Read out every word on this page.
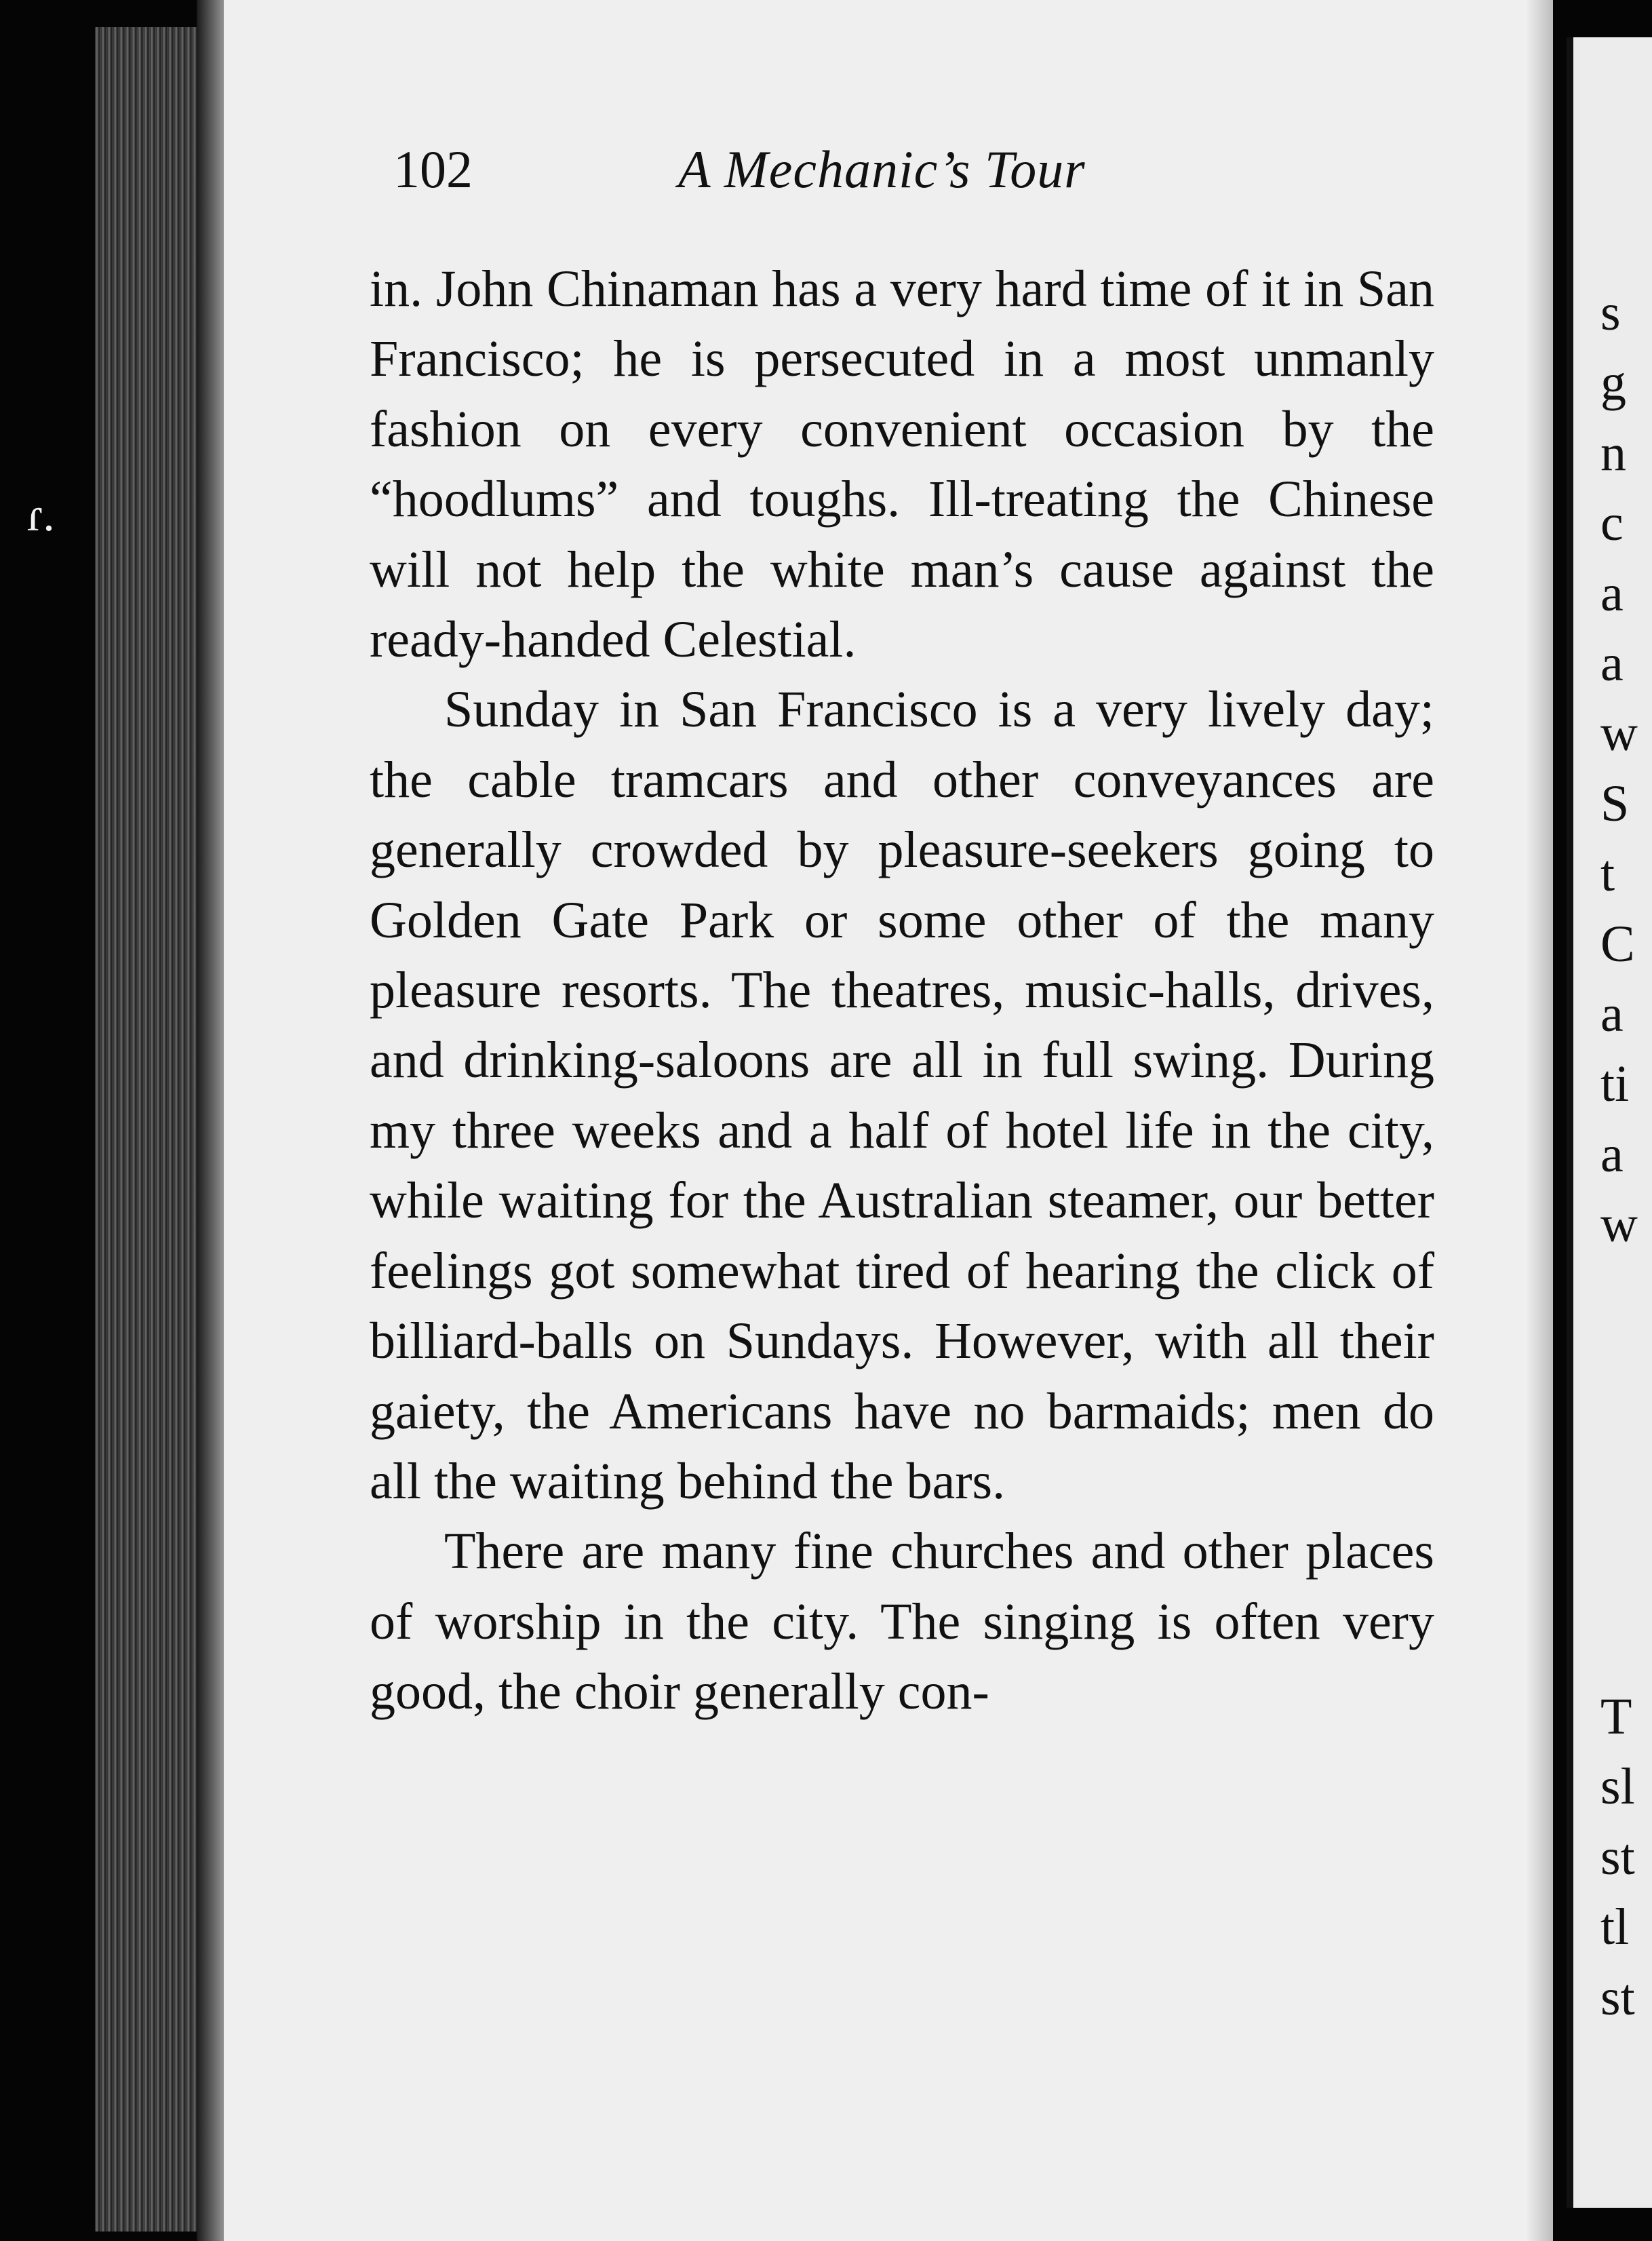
ɾ.
102	A Mechanic’s Tour

in. John Chinaman has a very hard time of it in San Francisco; he is persecuted in a most unmanly fashion on every convenient occasion by the “hoodlums” and toughs. Ill-treating the Chinese will not help the white man’s cause against the ready-handed Celestial.

Sunday in San Francisco is a very lively day; the cable tramcars and other conveyances are generally crowded by pleasure-seekers going to Golden Gate Park or some other of the many pleasure resorts. The theatres, music-halls, drives, and drinking-saloons are all in full swing. During my three weeks and a half of hotel life in the city, while waiting for the Australian steamer, our better feelings got somewhat tired of hearing the click of billiard-balls on Sundays. However, with all their gaiety, the Americans have no barmaids; men do all the waiting behind the bars.

There are many fine churches and other places of worship in the city. The singing is often very good, the choir generally con-

s
g
n
c
a
a
w
S
t
C
a
ti
a
w
T
sl
st
tl
st
